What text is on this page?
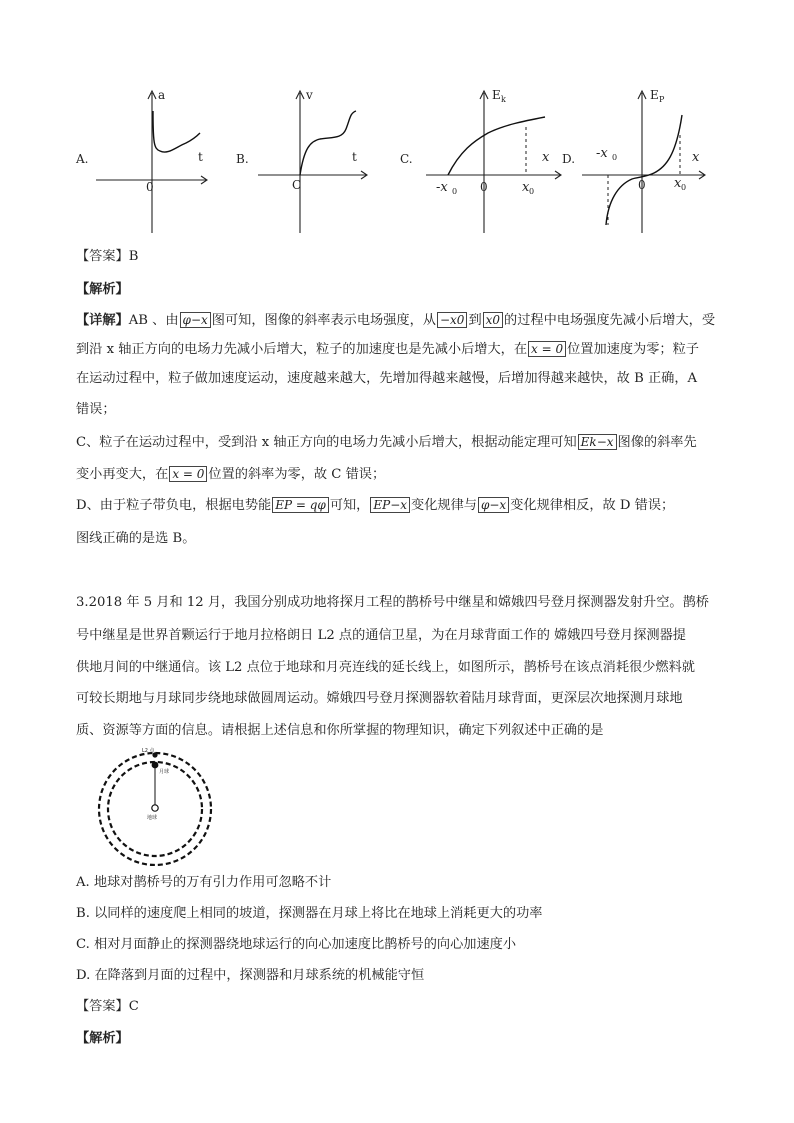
A.
a
t
0
B.
v
t
C
C.
E k
x
0
-x 0	x 0
D.
E P
x
0
-x 0
x 0
【答案】B
【解析】
【详解】AB 、由 φ−x 图可知，图像的斜率表示电场强度，从 −x0 到 x0 的过程中电场强度先减小后增大，受
到沿 x 轴正方向的电场力先减小后增大，粒子的加速度也是先减小后增大，在 x = 0 位置加速度为零；粒子
在运动过程中，粒子做加速度运动，速度越来越大，先增加得越来越慢，后增加得越来越快，故 B 正确，A
错误；
C、粒子在运动过程中，受到沿 x 轴正方向的电场力先减小后增大，根据动能定理可知 Ek−x 图像的斜率先
变小再变大，在 x = 0 位置的斜率为零，故 C 错误；
D、由于粒子带负电，根据电势能 EP = qφ 可知， EP−x 变化规律与 φ−x 变化规律相反，故 D 错误；
图线正确的是选 B。
3.2018 年 5 月和 12 月，我国分别成功地将探月工程的鹊桥号中继星和嫦娥四号登月探测器发射升空。鹊桥
号中继星是世界首颗运行于地月拉格朗日 L2 点的通信卫星，为在月球背面工作的 嫦娥四号登月探测器提
供地月间的中继通信。该 L2 点位于地球和月亮连线的延长线上，如图所示，鹊桥号在该点消耗很少燃料就
可较长期地与月球同步绕地球做圆周运动。嫦娥四号登月探测器软着陆月球背面，更深层次地探测月球地
质、资源等方面的信息。请根据上述信息和你所掌握的物理知识，确定下列叙述中正确的是
L2 点
月球
地球
A. 地球对鹊桥号的万有引力作用可忽略不计
B. 以同样的速度爬上相同的坡道，探测器在月球上将比在地球上消耗更大的功率
C. 相对月面静止的探测器绕地球运行的向心加速度比鹊桥号的向心加速度小
D. 在降落到月面的过程中，探测器和月球系统的机械能守恒
【答案】C
【解析】
